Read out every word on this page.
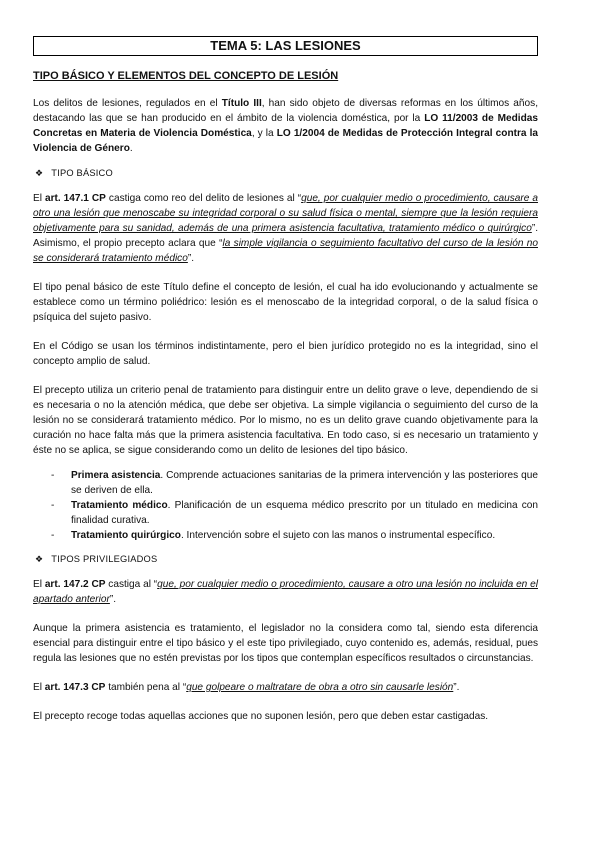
TEMA 5: LAS LESIONES
TIPO BÁSICO Y ELEMENTOS DEL CONCEPTO DE LESIÓN

Los delitos de lesiones, regulados en el Título III, han sido objeto de diversas reformas en los últimos años, destacando las que se han producido en el ámbito de la violencia doméstica, por la LO 11/2003 de Medidas Concretas en Materia de Violencia Doméstica, y la LO 1/2004 de Medidas de Protección Integral contra la Violencia de Género.

❖ TIPO BÁSICO

El art. 147.1 CP castiga como reo del delito de lesiones al “que, por cualquier medio o procedimiento, causare a otro una lesión que menoscabe su integridad corporal o su salud física o mental, siempre que la lesión requiera objetivamente para su sanidad, además de una primera asistencia facultativa, tratamiento médico o quirúrgico”. Asimismo, el propio precepto aclara que “la simple vigilancia o seguimiento facultativo del curso de la lesión no se considerará tratamiento médico”.

El tipo penal básico de este Título define el concepto de lesión, el cual ha ido evolucionando y actualmente se establece como un término poliédrico: lesión es el menoscabo de la integridad corporal, o de la salud física o psíquica del sujeto pasivo.

En el Código se usan los términos indistintamente, pero el bien jurídico protegido no es la integridad, sino el concepto amplio de salud.

El precepto utiliza un criterio penal de tratamiento para distinguir entre un delito grave o leve, dependiendo de si es necesaria o no la atención médica, que debe ser objetiva. La simple vigilancia o seguimiento del curso de la lesión no se considerará tratamiento médico. Por lo mismo, no es un delito grave cuando objetivamente para la curación no hace falta más que la primera asistencia facultativa. En todo caso, si es necesario un tratamiento y éste no se aplica, se sigue considerando como un delito de lesiones del tipo básico.

- Primera asistencia. Comprende actuaciones sanitarias de la primera intervención y las posteriores que se deriven de ella.
- Tratamiento médico. Planificación de un esquema médico prescrito por un titulado en medicina con finalidad curativa.
- Tratamiento quirúrgico. Intervención sobre el sujeto con las manos o instrumental específico.
❖ TIPOS PRIVILEGIADOS

El art. 147.2 CP castiga al “que, por cualquier medio o procedimiento, causare a otro una lesión no incluida en el apartado anterior”.

Aunque la primera asistencia es tratamiento, el legislador no la considera como tal, siendo esta diferencia esencial para distinguir entre el tipo básico y el este tipo privilegiado, cuyo contenido es, además, residual, pues regula las lesiones que no estén previstas por los tipos que contemplan específicos resultados o circunstancias.

El art. 147.3 CP también pena al “que golpeare o maltratare de obra a otro sin causarle lesión”.

El precepto recoge todas aquellas acciones que no suponen lesión, pero que deben estar castigadas.
